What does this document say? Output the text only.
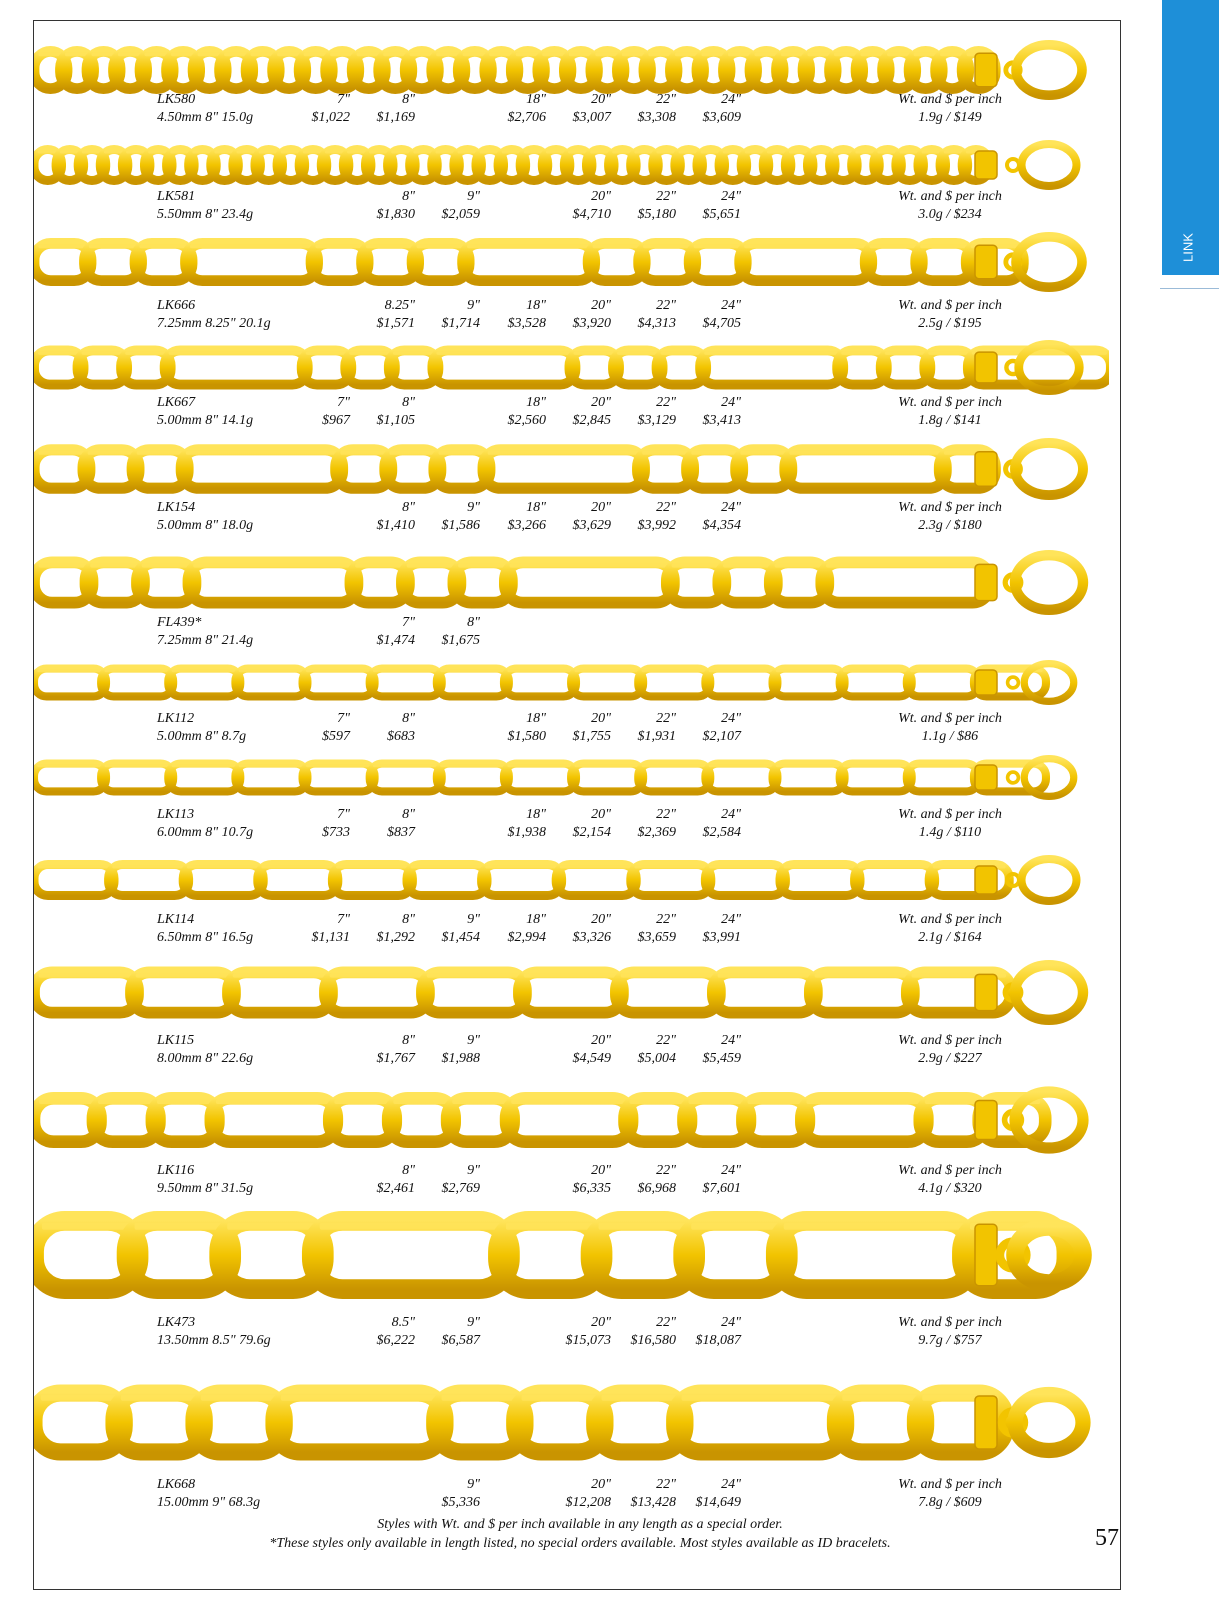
LINK
LK580
4.50mm 8" 15.0g
7"
$1,022
8"
$1,169
18"
$2,706
20"
$3,007
22"
$3,308
24"
$3,609
Wt. and $ per inch
1.9g / $149
LK581
5.50mm 8" 23.4g
8"
$1,830
9"
$2,059
20"
$4,710
22"
$5,180
24"
$5,651
Wt. and $ per inch
3.0g / $234
LK666
7.25mm 8.25" 20.1g
8.25"
$1,571
9"
$1,714
18"
$3,528
20"
$3,920
22"
$4,313
24"
$4,705
Wt. and $ per inch
2.5g / $195
LK667
5.00mm 8" 14.1g
7"
$967
8"
$1,105
18"
$2,560
20"
$2,845
22"
$3,129
24"
$3,413
Wt. and $ per inch
1.8g / $141
LK154
5.00mm 8" 18.0g
8"
$1,410
9"
$1,586
18"
$3,266
20"
$3,629
22"
$3,992
24"
$4,354
Wt. and $ per inch
2.3g / $180
FL439*
7.25mm 8" 21.4g
7"
$1,474
8"
$1,675
LK112
5.00mm 8" 8.7g
7"
$597
8"
$683
18"
$1,580
20"
$1,755
22"
$1,931
24"
$2,107
Wt. and $ per inch
1.1g / $86
LK113
6.00mm 8" 10.7g
7"
$733
8"
$837
18"
$1,938
20"
$2,154
22"
$2,369
24"
$2,584
Wt. and $ per inch
1.4g / $110
LK114
6.50mm 8" 16.5g
7"
$1,131
8"
$1,292
9"
$1,454
18"
$2,994
20"
$3,326
22"
$3,659
24"
$3,991
Wt. and $ per inch
2.1g / $164
LK115
8.00mm 8" 22.6g
8"
$1,767
9"
$1,988
20"
$4,549
22"
$5,004
24"
$5,459
Wt. and $ per inch
2.9g / $227
LK116
9.50mm 8" 31.5g
8"
$2,461
9"
$2,769
20"
$6,335
22"
$6,968
24"
$7,601
Wt. and $ per inch
4.1g / $320
LK473
13.50mm 8.5" 79.6g
8.5"
$6,222
9"
$6,587
20"
$15,073
22"
$16,580
24"
$18,087
Wt. and $ per inch
9.7g / $757
LK668
15.00mm 9" 68.3g
9"
$5,336
20"
$12,208
22"
$13,428
24"
$14,649
Wt. and $ per inch
7.8g / $609
Styles with Wt. and $ per inch available in any length as a special order.
*These styles only available in length listed, no special orders available. Most styles available as ID bracelets.	57
